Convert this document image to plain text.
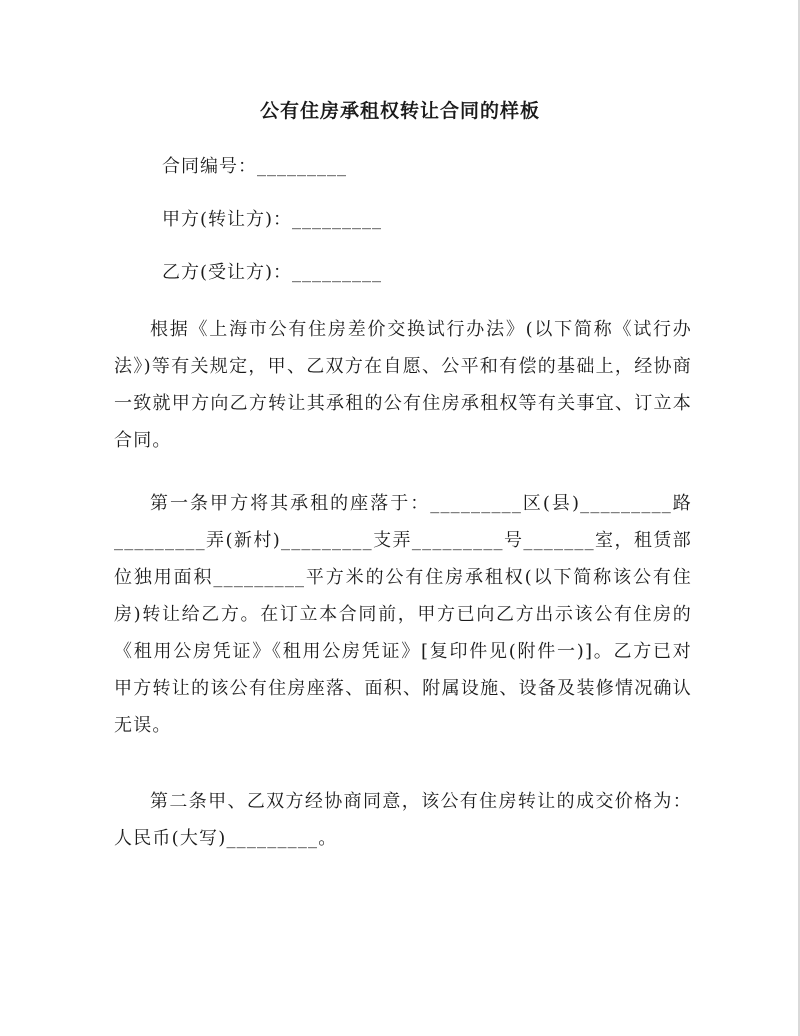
公有住房承租权转让合同的样板
合同编号：_________
甲方(转让方)：_________
乙方(受让方)：_________

根据《上海市公有住房差价交换试行办法》(以下简称《试行办法》)等有关规定，甲、乙双方在自愿、公平和有偿的基础上，经协商一致就甲方向乙方转让其承租的公有住房承租权等有关事宜、订立本合同。

第一条甲方将其承租的座落于：_________区(县)_________路_________弄(新村)_________支弄_________号_______室，租赁部位独用面积_________平方米的公有住房承租权(以下简称该公有住房)转让给乙方。在订立本合同前，甲方已向乙方出示该公有住房的《租用公房凭证》《租用公房凭证》[复印件见(附件一)]。乙方已对甲方转让的该公有住房座落、面积、附属设施、设备及装修情况确认无误。

第二条甲、乙双方经协商同意，该公有住房转让的成交价格为：人民币(大写)_________。
